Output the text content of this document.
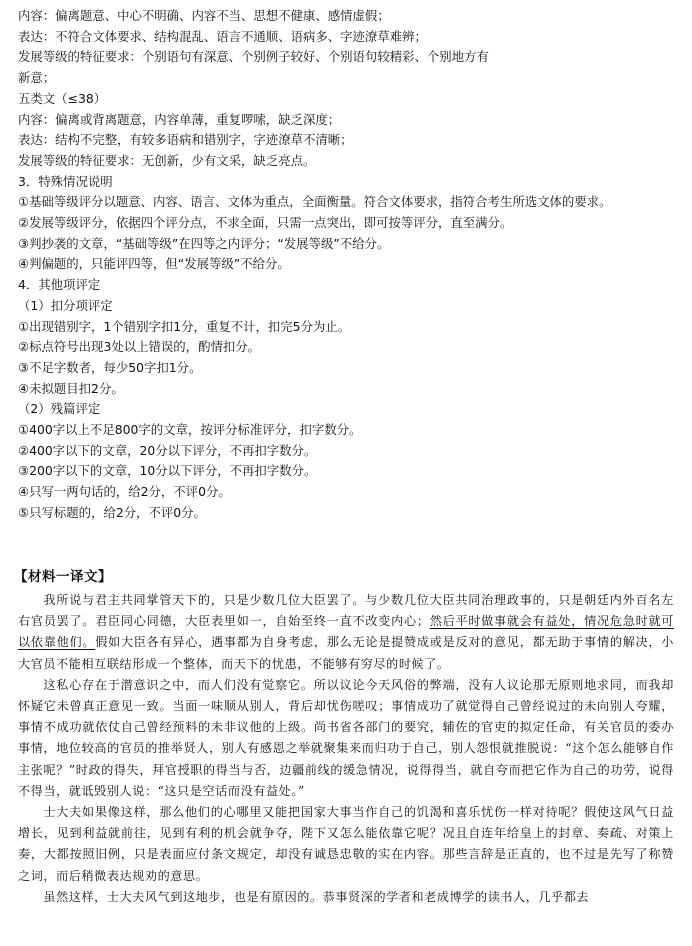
内容：偏离题意、中心不明确、内容不当、思想不健康、感情虚假；
表达：不符合文体要求、结构混乱、语言不通顺、语病多、字迹潦草难辨；
发展等级的特征要求：个别语句有深意、个别例子较好、个别语句较精彩、个别地方有
新意；
五类文（≤38）
内容：偏离或背离题意，内容单薄，重复啰嗦，缺乏深度；
表达：结构不完整，有较多语病和错别字，字迹潦草不清晰；
发展等级的特征要求：无创新，少有文采，缺乏亮点。
3．特殊情况说明
①基础等级评分以题意、内容、语言、文体为重点，全面衡量。符合文体要求，指符合考生所选文体的要求。
②发展等级评分，依据四个评分点，不求全面，只需一点突出，即可按等评分，直至满分。
③判抄袭的文章，“基础等级”在四等之内评分；“发展等级”不给分。
④判偏题的，只能评四等，但“发展等级”不给分。
4．其他项评定
（1）扣分项评定
①出现错别字，1个错别字扣1分，重复不计，扣完5分为止。
②标点符号出现3处以上错误的，酌情扣分。
③不足字数者，每少50字扣1分。
④未拟题目扣2分。
（2）残篇评定
①400字以上不足800字的文章，按评分标准评分，扣字数分。
②400字以下的文章，20分以下评分，不再扣字数分。
③200字以下的文章，10分以下评分，不再扣字数分。
④只写一两句话的，给2分，不评0分。
⑤只写标题的，给2分，不评0分。
【材料一译文】

我所说与君主共同掌管天下的，只是少数几位大臣罢了。与少数几位大臣共同治理政事的，只是朝廷内外百名左右官员罢了。君臣同心同德，大臣表里如一，自始至终一直不改变内心；然后平时做事就会有益处，情况危急时就可以依靠他们。假如大臣各有异心，遇事都为自身考虑，那么无论是提赞成或是反对的意见，都无助于事情的解决，小大官员不能相互联结形成一个整体，而天下的忧患，不能够有穷尽的时候了。

这私心存在于潜意识之中，而人们没有觉察它。所以议论今天风俗的弊端，没有人议论那无原则地求同，而我却怀疑它未曾真正意见一致。当面一味顺从别人，背后却忧伤嗟叹；事情成功了就觉得自己曾经说过的未向别人夸耀，事情不成功就依仗自己曾经预料的未非议他的上级。尚书省各部门的要究，辅佐的官吏的拟定任命，有关官员的委办事情，地位较高的官员的推举贤人，别人有感恩之举就聚集来而归功于自己，别人怨恨就推脱说：“这个怎么能够自作主张呢？”时政的得失，拜官授职的得当与否，边疆前线的缓急情况，说得得当，就自夸而把它作为自己的功劳，说得不得当，就诋毁别人说：“这只是空话而没有益处。”

士大夫如果像这样，那么他们的心哪里又能把国家大事当作自己的饥渴和喜乐忧伤一样对待呢？假使这风气日益增长，见到利益就前往，见到有利的机会就争夺，陛下又怎么能依靠它呢？况且自连年给皇上的封章、奏疏、对策上奏，大都按照旧例，只是表面应付条文规定，却没有诚恳忠敬的实在内容。那些言辞是正直的，也不过是先写了称赞之词，而后稍微表达规劝的意思。

虽然这样，士大夫风气到这地步，也是有原因的。恭事贤深的学者和老成博学的读书人，几乎都去
